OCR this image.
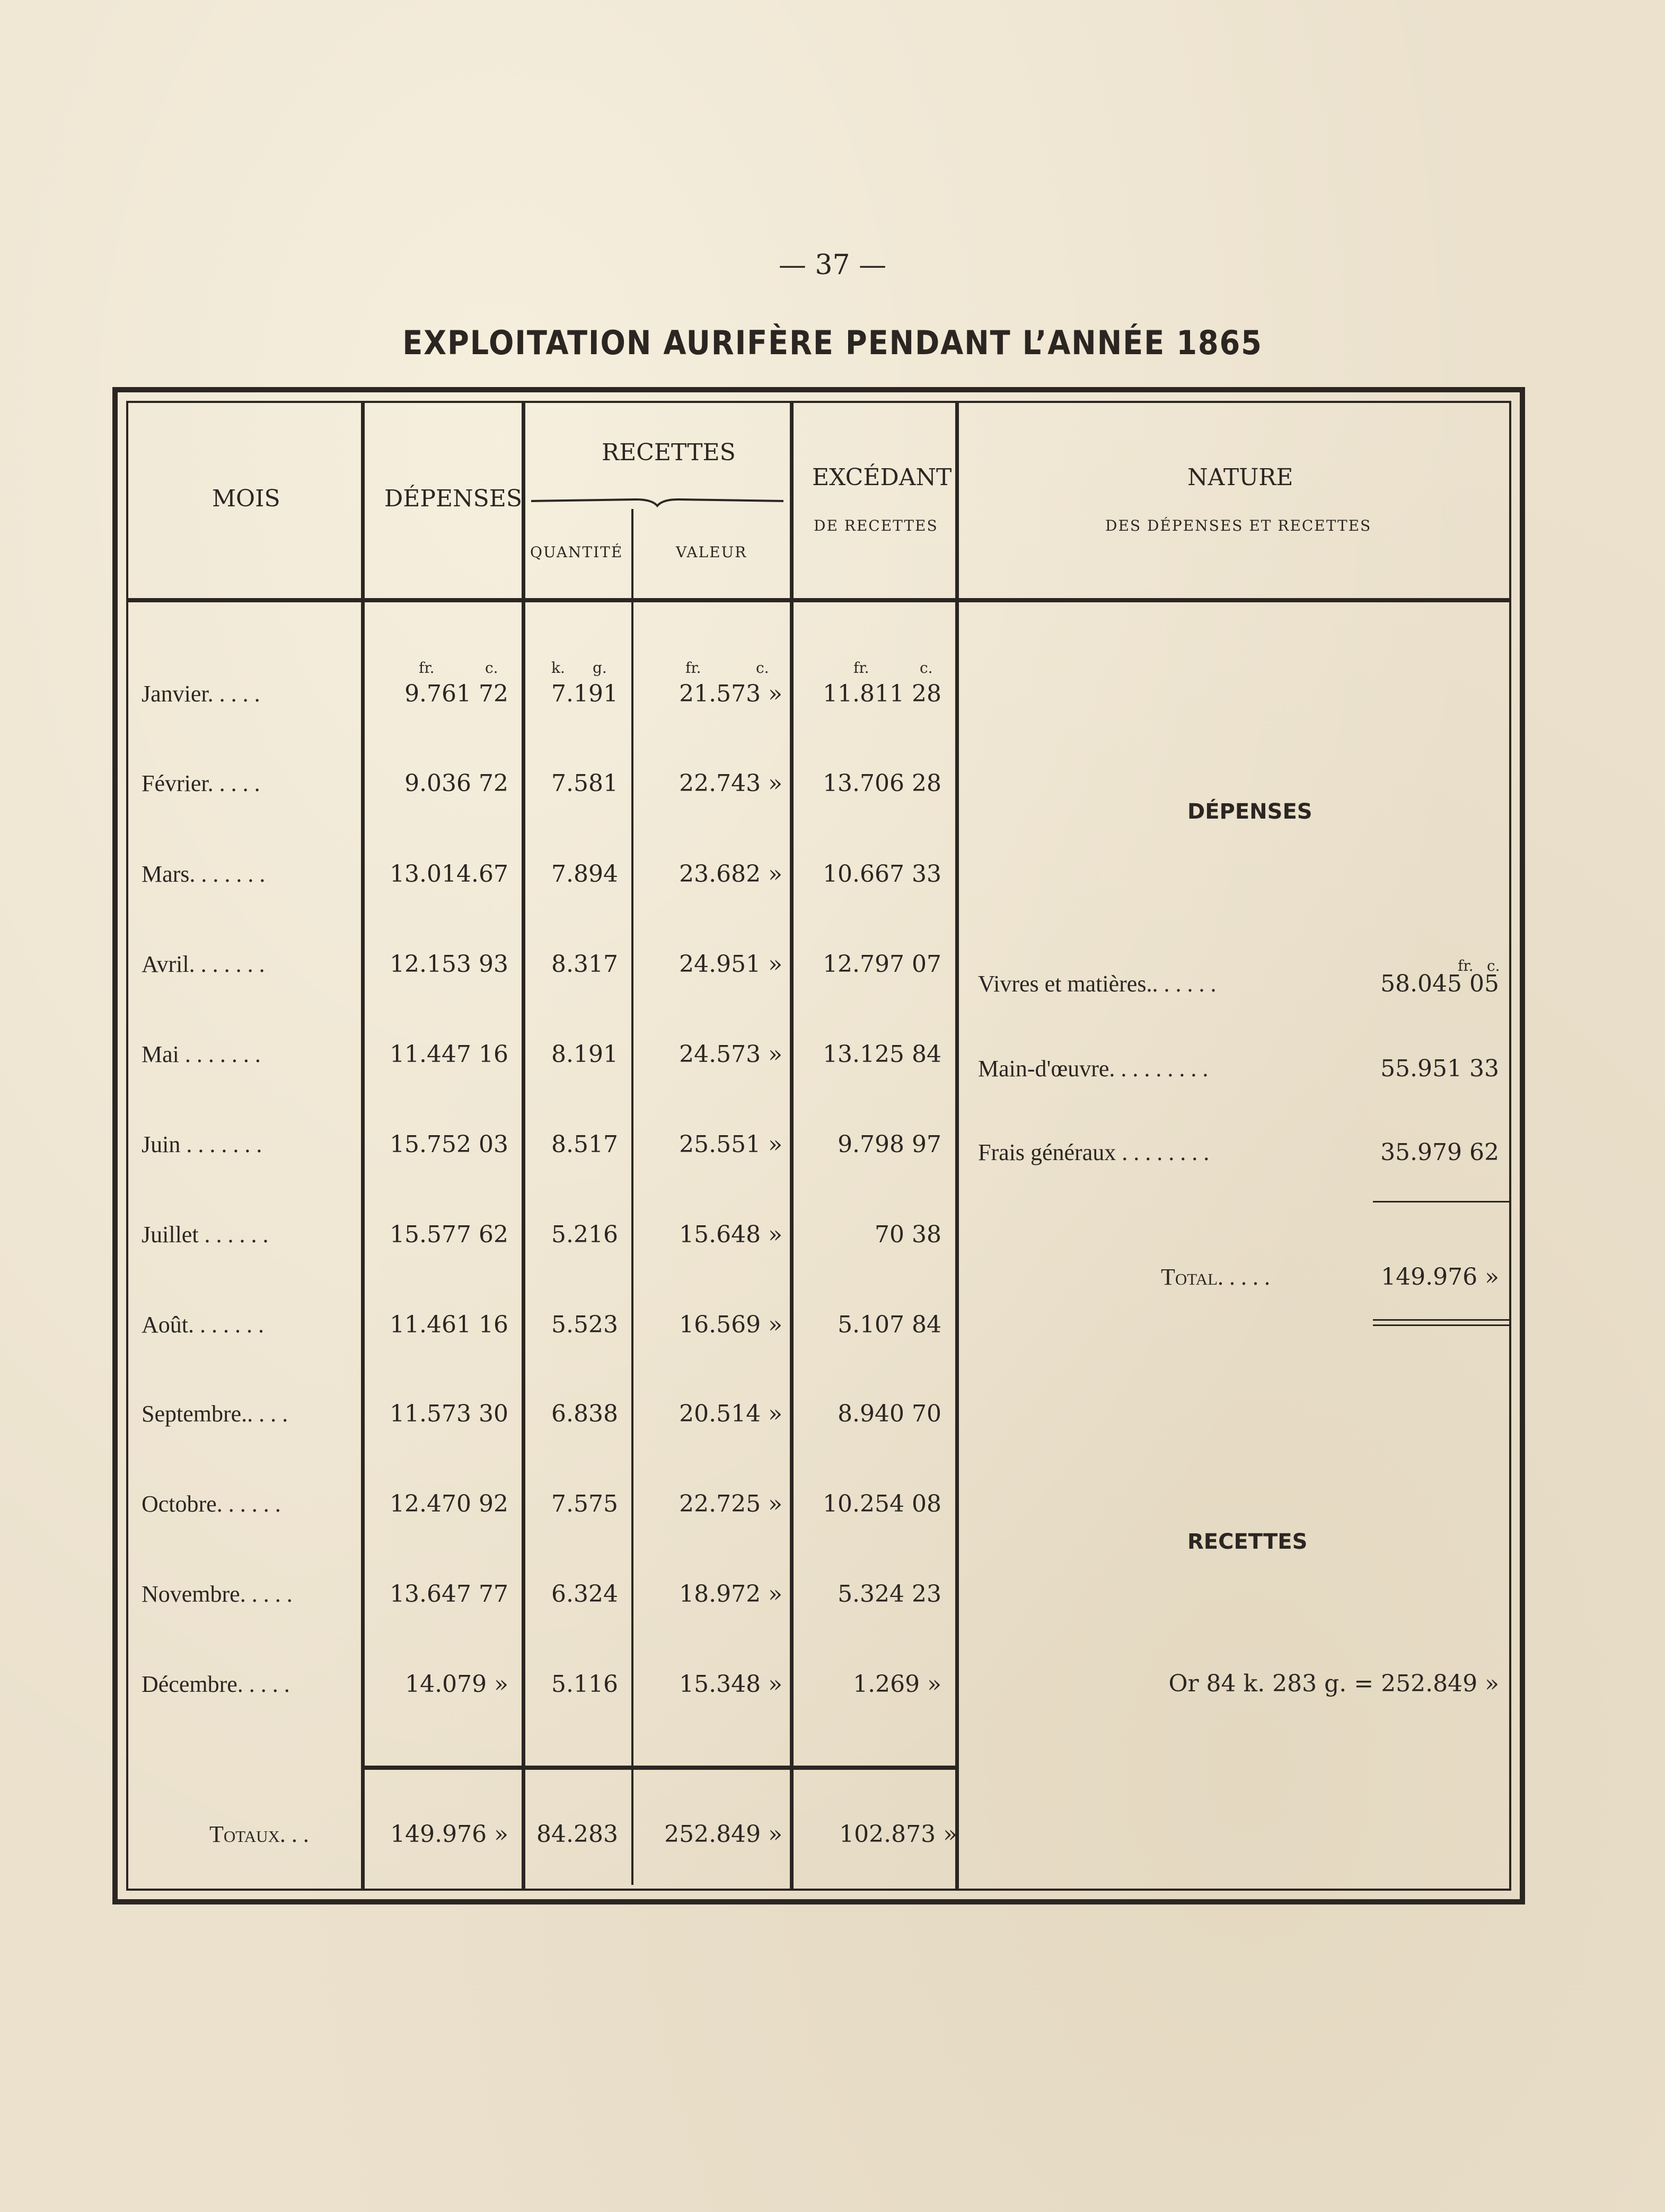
— 37 —
EXPLOITATION AURIFÈRE PENDANT L’ANNÉE 1865
MOIS	DÉPENSES
RECETTES
QUANTITÉ	VALEUR
EXCÉDANT
DE RECETTES
NATURE
DES DÉPENSES ET RECETTES
fr.	c.	k. g.	fr.	c.	fr.	c.
Janvier. . . . .	9.761 72 7.191	21.573 » 11.811 28
Février. . . . .	9.036 72 7.581	22.743 » 13.706 28
Mars. . . . . . .	13.014.67 7.894	23.682 » 10.667 33
Avril. . . . . . .	12.153 93 8.317	24.951 » 12.797 07
Mai . . . . . . .	11.447 16 8.191	24.573 » 13.125 84
Juin . . . . . . .	15.752 03 8.517	25.551 » 9.798 97
Juillet . . . . . .	15.577 62 5.216	15.648 »	70 38
Août. . . . . . .	11.461 16 5.523	16.569 » 5.107 84
Septembre.. . . .	11.573 30 6.838	20.514 » 8.940 70
Octobre. . . . . .	12.470 92 7.575	22.725 » 10.254 08
Novembre. . . . .	13.647 77 6.324	18.972 » 5.324 23
Décembre. . . . .	14.079 » 5.116	15.348 »	1.269 »
Totaux. . .	149.976 » 84.283 252.849 » 102.873 »
DÉPENSES
fr. c.
Vivres et matières.. . . . . .	58.045 05
Main-d'œuvre. . . . . . . . .	55.951 33
Frais généraux . . . . . . . .	35.979 62
Total. . . . .	149.976 »
RECETTES
Or 84 k. 283 g. = 252.849 »
